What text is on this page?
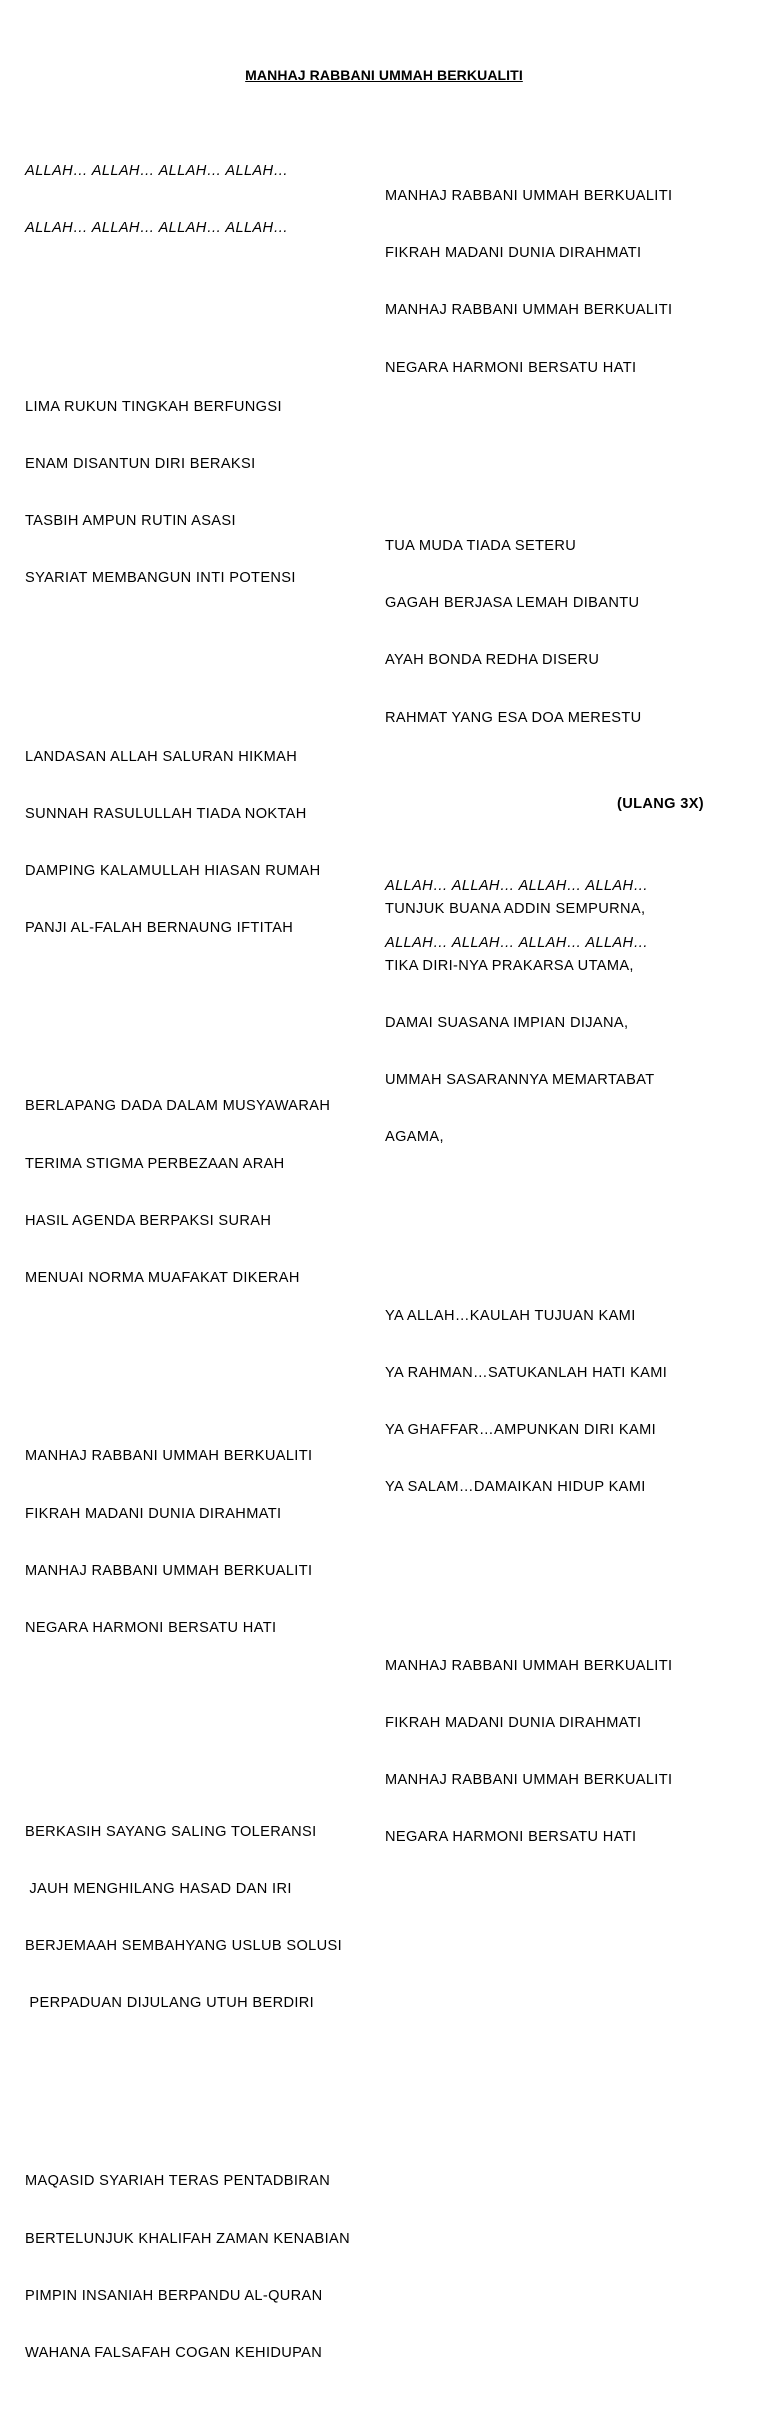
MANHAJ RABBANI UMMAH BERKUALITI

ALLAH… ALLAH… ALLAH… ALLAH…

ALLAH… ALLAH… ALLAH… ALLAH…

LIMA RUKUN TINGKAH BERFUNGSI

ENAM DISANTUN DIRI BERAKSI

TASBIH AMPUN RUTIN ASASI

SYARIAT MEMBANGUN INTI POTENSI

LANDASAN ALLAH SALURAN HIKMAH

SUNNAH RASULULLAH TIADA NOKTAH

DAMPING KALAMULLAH HIASAN RUMAH

PANJI AL-FALAH BERNAUNG IFTITAH

BERLAPANG DADA DALAM MUSYAWARAH

TERIMA STIGMA PERBEZAAN ARAH

HASIL AGENDA BERPAKSI SURAH

MENUAI NORMA MUAFAKAT DIKERAH

MANHAJ RABBANI UMMAH BERKUALITI

FIKRAH MADANI DUNIA DIRAHMATI

MANHAJ RABBANI UMMAH BERKUALITI

NEGARA HARMONI BERSATU HATI

BERKASIH SAYANG SALING TOLERANSI

JAUH MENGHILANG HASAD DAN IRI

BERJEMAAH SEMBAHYANG USLUB SOLUSI

PERPADUAN DIJULANG UTUH BERDIRI

MAQASID SYARIAH TERAS PENTADBIRAN

BERTELUNJUK KHALIFAH ZAMAN KENABIAN

PIMPIN INSANIAH BERPANDU AL-QURAN

WAHANA FALSAFAH COGAN KEHIDUPAN

MANHAJ RABBANI UMMAH BERKUALITI

FIKRAH MADANI DUNIA DIRAHMATI

MANHAJ RABBANI UMMAH BERKUALITI

NEGARA HARMONI BERSATU HATI

TUA MUDA TIADA SETERU

GAGAH BERJASA LEMAH DIBANTU

AYAH BONDA REDHA DISERU

RAHMAT YANG ESA DOA MERESTU

TUNJUK BUANA ADDIN SEMPURNA,

TIKA DIRI-NYA PRAKARSA UTAMA,

DAMAI SUASANA IMPIAN DIJANA,

UMMAH SASARANNYA MEMARTABAT

AGAMA,

YA ALLAH…KAULAH TUJUAN KAMI

YA RAHMAN…SATUKANLAH HATI KAMI

YA GHAFFAR…AMPUNKAN DIRI KAMI

YA SALAM…DAMAIKAN HIDUP KAMI

MANHAJ RABBANI UMMAH BERKUALITI

FIKRAH MADANI DUNIA DIRAHMATI

MANHAJ RABBANI UMMAH BERKUALITI

NEGARA HARMONI BERSATU HATI

(ULANG 3X)

ALLAH… ALLAH… ALLAH… ALLAH…

ALLAH… ALLAH… ALLAH… ALLAH…
